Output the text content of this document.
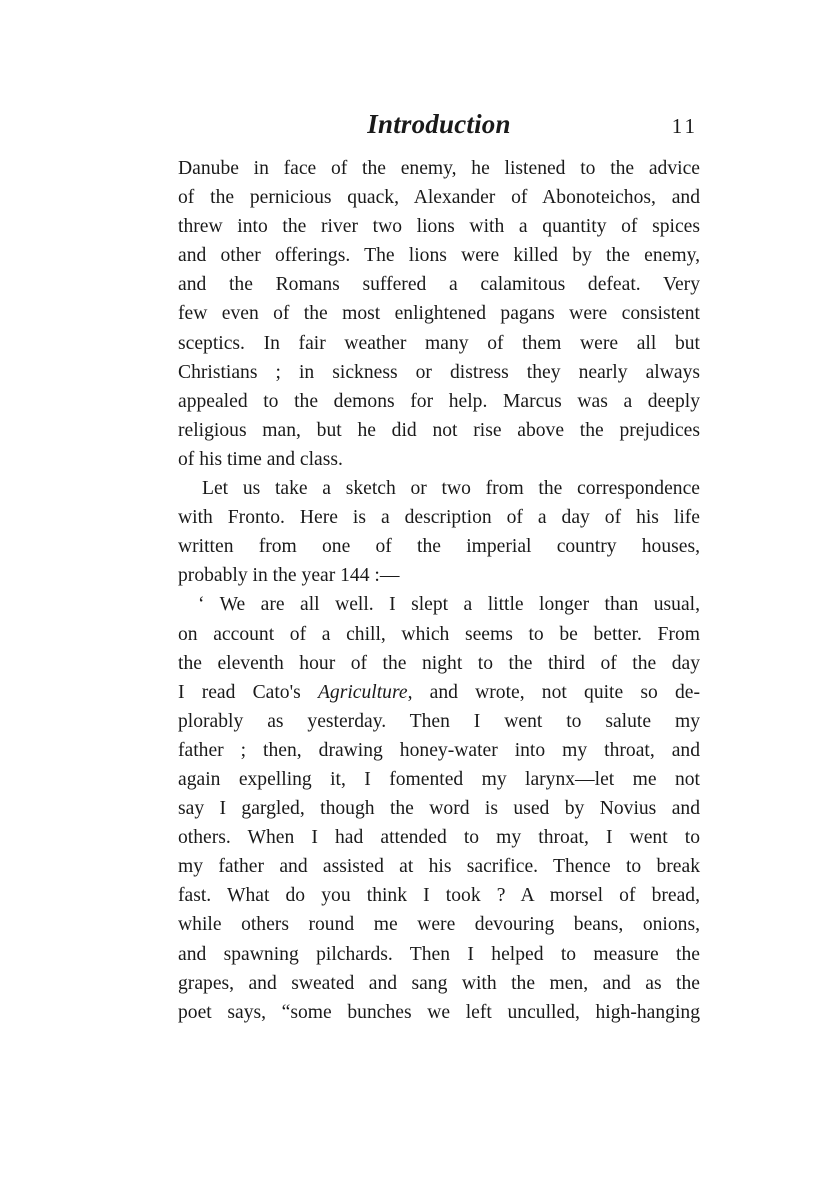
Introduction	11
Danube in face of the enemy, he listened to the advice
of the pernicious quack, Alexander of Abonoteichos, and
threw into the river two lions with a quantity of spices
and other offerings. The lions were killed by the enemy,
and the Romans suffered a calamitous defeat. Very
few even of the most enlightened pagans were consistent
sceptics. In fair weather many of them were all but
Christians ; in sickness or distress they nearly always
appealed to the demons for help. Marcus was a deeply
religious man, but he did not rise above the prejudices
of his time and class.
Let us take a sketch or two from the correspondence
with Fronto. Here is a description of a day of his life
written from one of the imperial country houses,
probably in the year 144 :—
‘ We are all well. I slept a little longer than usual,
on account of a chill, which seems to be better. From
the eleventh hour of the night to the third of the day
I read Cato's Agriculture, and wrote, not quite so de-
plorably as yesterday. Then I went to salute my
father ; then, drawing honey-water into my throat, and
again expelling it, I fomented my larynx—let me not
say I gargled, though the word is used by Novius and
others. When I had attended to my throat, I went to
my father and assisted at his sacrifice. Thence to break
fast. What do you think I took ? A morsel of bread,
while others round me were devouring beans, onions,
and spawning pilchards. Then I helped to measure the
grapes, and sweated and sang with the men, and as the
poet says, “some bunches we left unculled, high-hanging
